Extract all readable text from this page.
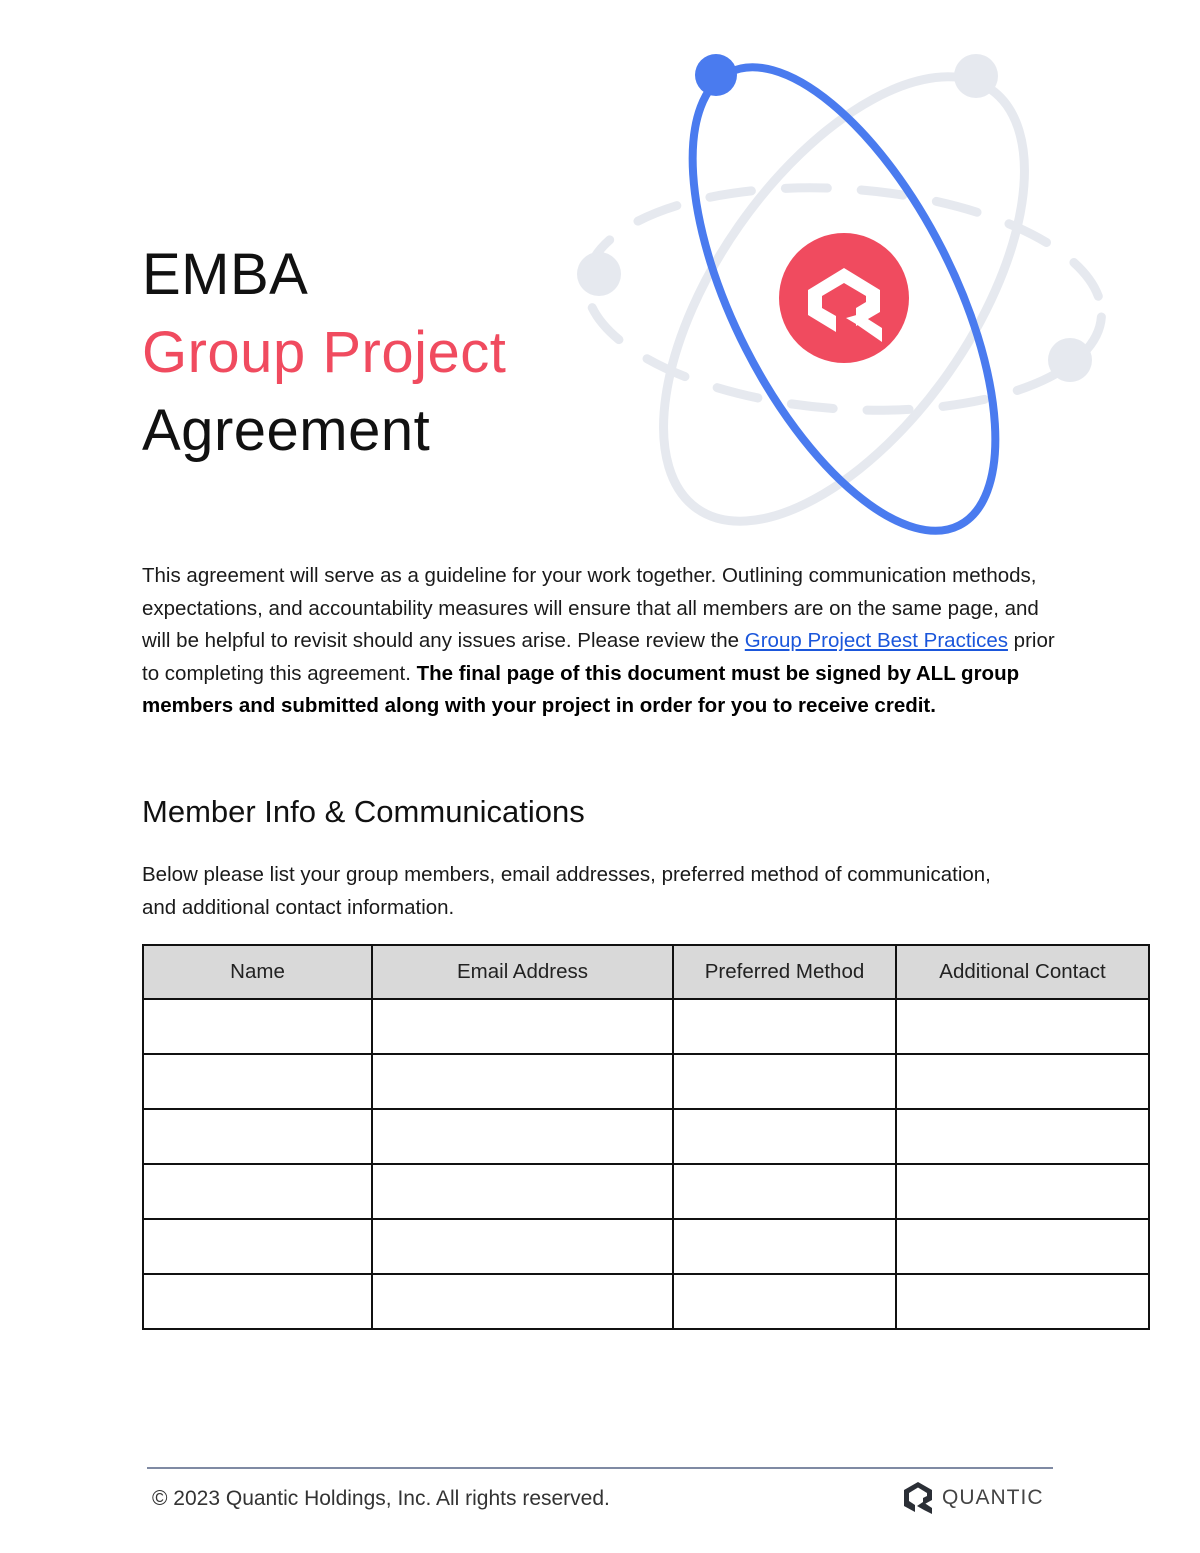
EMBA
Group Project
Agreement
This agreement will serve as a guideline for your work together. Outlining communication methods, expectations, and accountability measures will ensure that all members are on the same page, and will be helpful to revisit should any issues arise. Please review the Group Project Best Practices prior to completing this agreement. The final page of this document must be signed by ALL group members and submitted along with your project in order for you to receive credit.
Member Info & Communications
Below please list your group members, email addresses, preferred method of communication, and additional contact information.
Name	Email Address	Preferred Method	Additional Contact

© 2023 Quantic Holdings, Inc. All rights reserved.	QUANTIC
